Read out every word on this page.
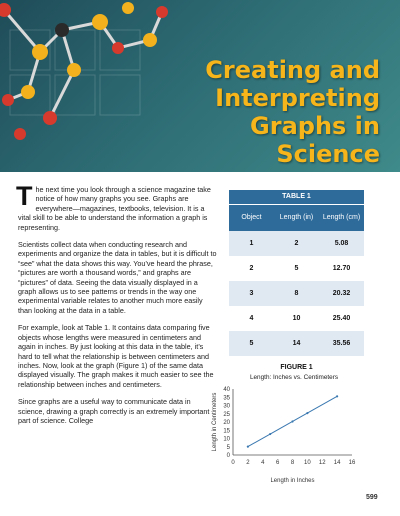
Creating and
Interpreting
Graphs in Science

The next time you look through a science magazine take notice of how many graphs you see. Graphs are everywhere—magazines, textbooks, television. It is a vital skill to be able to understand the information a graph is representing.

Scientists collect data when conducting research and experiments and organize the data in tables, but it is difficult to “see” what the data shows this way. You’ve heard the phrase, “pictures are worth a thousand words,” and graphs are “pictures” of data. Seeing the data visually displayed in a graph allows us to see patterns or trends in the way one experimental variable relates to another much more easily than looking at the data in a table.

For example, look at Table 1. It contains data comparing five objects whose lengths were measured in centimeters and again in inches. By just looking at this data in the table, it’s hard to tell what the relationship is between centimeters and inches. Now, look at the graph (Figure 1) of the same data displayed visually. The graph makes it much easier to see the relationship between inches and centimeters.

Since graphs are a useful way to communicate data in science, drawing a graph correctly is an extremely important part of science. College

TABLE 1
Object	Length (in)	Length (cm)
1	2	5.08
2	5	12.70
3	8	20.32
4	10	25.40
5	14	35.56
FIGURE 1
Length: Inches vs. Centimeters
0
5
10
15
20
25
30
35
40
0 2 4 6 8 10 12 14 16
Length in Inches
Length in Centimeters
599
